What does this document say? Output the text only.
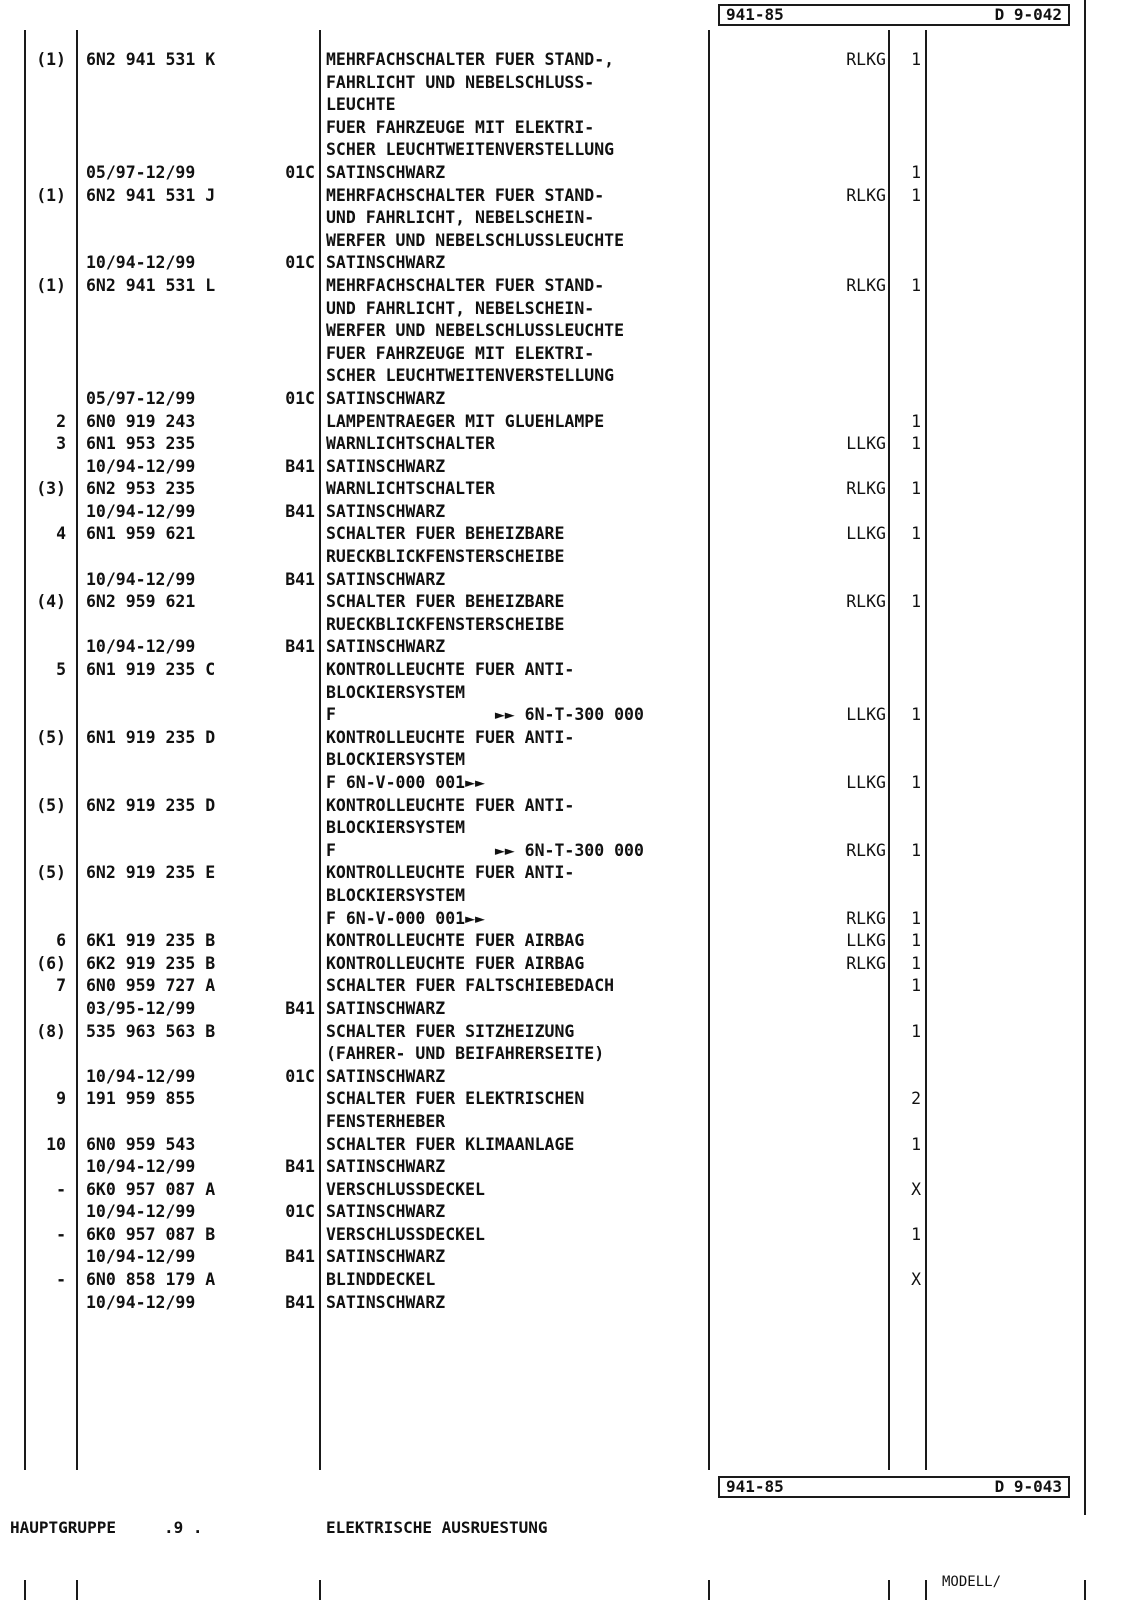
941-85	D 9-042
(1) 6N2 941 531 K	MEHRFACHSCHALTER FUER STAND-,	RLKG	1
FAHRLICHT UND NEBELSCHLUSS-
LEUCHTE
FUER FAHRZEUGE MIT ELEKTRI-
SCHER LEUCHTWEITENVERSTELLUNG
05/97-12/99	01C SATINSCHWARZ	1
(1) 6N2 941 531 J	MEHRFACHSCHALTER FUER STAND-	RLKG	1
UND FAHRLICHT, NEBELSCHEIN-
WERFER UND NEBELSCHLUSSLEUCHTE
10/94-12/99	01C SATINSCHWARZ
(1) 6N2 941 531 L	MEHRFACHSCHALTER FUER STAND-	RLKG	1
UND FAHRLICHT, NEBELSCHEIN-
WERFER UND NEBELSCHLUSSLEUCHTE
FUER FAHRZEUGE MIT ELEKTRI-
SCHER LEUCHTWEITENVERSTELLUNG
05/97-12/99	01C SATINSCHWARZ
2 6N0 919 243	LAMPENTRAEGER MIT GLUEHLAMPE	1
3 6N1 953 235	WARNLICHTSCHALTER	LLKG	1
10/94-12/99	B41 SATINSCHWARZ
(3) 6N2 953 235	WARNLICHTSCHALTER	RLKG	1
10/94-12/99	B41 SATINSCHWARZ
4 6N1 959 621	SCHALTER FUER BEHEIZBARE	LLKG	1
RUECKBLICKFENSTERSCHEIBE
10/94-12/99	B41 SATINSCHWARZ
(4) 6N2 959 621	SCHALTER FUER BEHEIZBARE	RLKG	1
RUECKBLICKFENSTERSCHEIBE
10/94-12/99	B41 SATINSCHWARZ
5 6N1 919 235 C	KONTROLLEUCHTE FUER ANTI-
BLOCKIERSYSTEM
F                ►► 6N-T-300 000	LLKG	1
(5) 6N1 919 235 D	KONTROLLEUCHTE FUER ANTI-
BLOCKIERSYSTEM
F 6N-V-000 001►►	LLKG	1
(5) 6N2 919 235 D	KONTROLLEUCHTE FUER ANTI-
BLOCKIERSYSTEM
F                ►► 6N-T-300 000	RLKG	1
(5) 6N2 919 235 E	KONTROLLEUCHTE FUER ANTI-
BLOCKIERSYSTEM
F 6N-V-000 001►►	RLKG	1
6 6K1 919 235 B	KONTROLLEUCHTE FUER AIRBAG	LLKG	1
(6) 6K2 919 235 B	KONTROLLEUCHTE FUER AIRBAG	RLKG	1
7 6N0 959 727 A	SCHALTER FUER FALTSCHIEBEDACH	1
03/95-12/99	B41 SATINSCHWARZ
(8) 535 963 563 B	SCHALTER FUER SITZHEIZUNG	1
(FAHRER- UND BEIFAHRERSEITE)
10/94-12/99	01C SATINSCHWARZ
9 191 959 855	SCHALTER FUER ELEKTRISCHEN	2
FENSTERHEBER
10 6N0 959 543	SCHALTER FUER KLIMAANLAGE	1
10/94-12/99	B41 SATINSCHWARZ
- 6K0 957 087 A	VERSCHLUSSDECKEL	X
10/94-12/99	01C SATINSCHWARZ
- 6K0 957 087 B	VERSCHLUSSDECKEL	1
10/94-12/99	B41 SATINSCHWARZ
- 6N0 858 179 A	BLINDDECKEL	X
10/94-12/99	B41 SATINSCHWARZ
941-85	D 9-043
HAUPTGRUPPE	.9 .	ELEKTRISCHE AUSRUESTUNG
MODELL/
